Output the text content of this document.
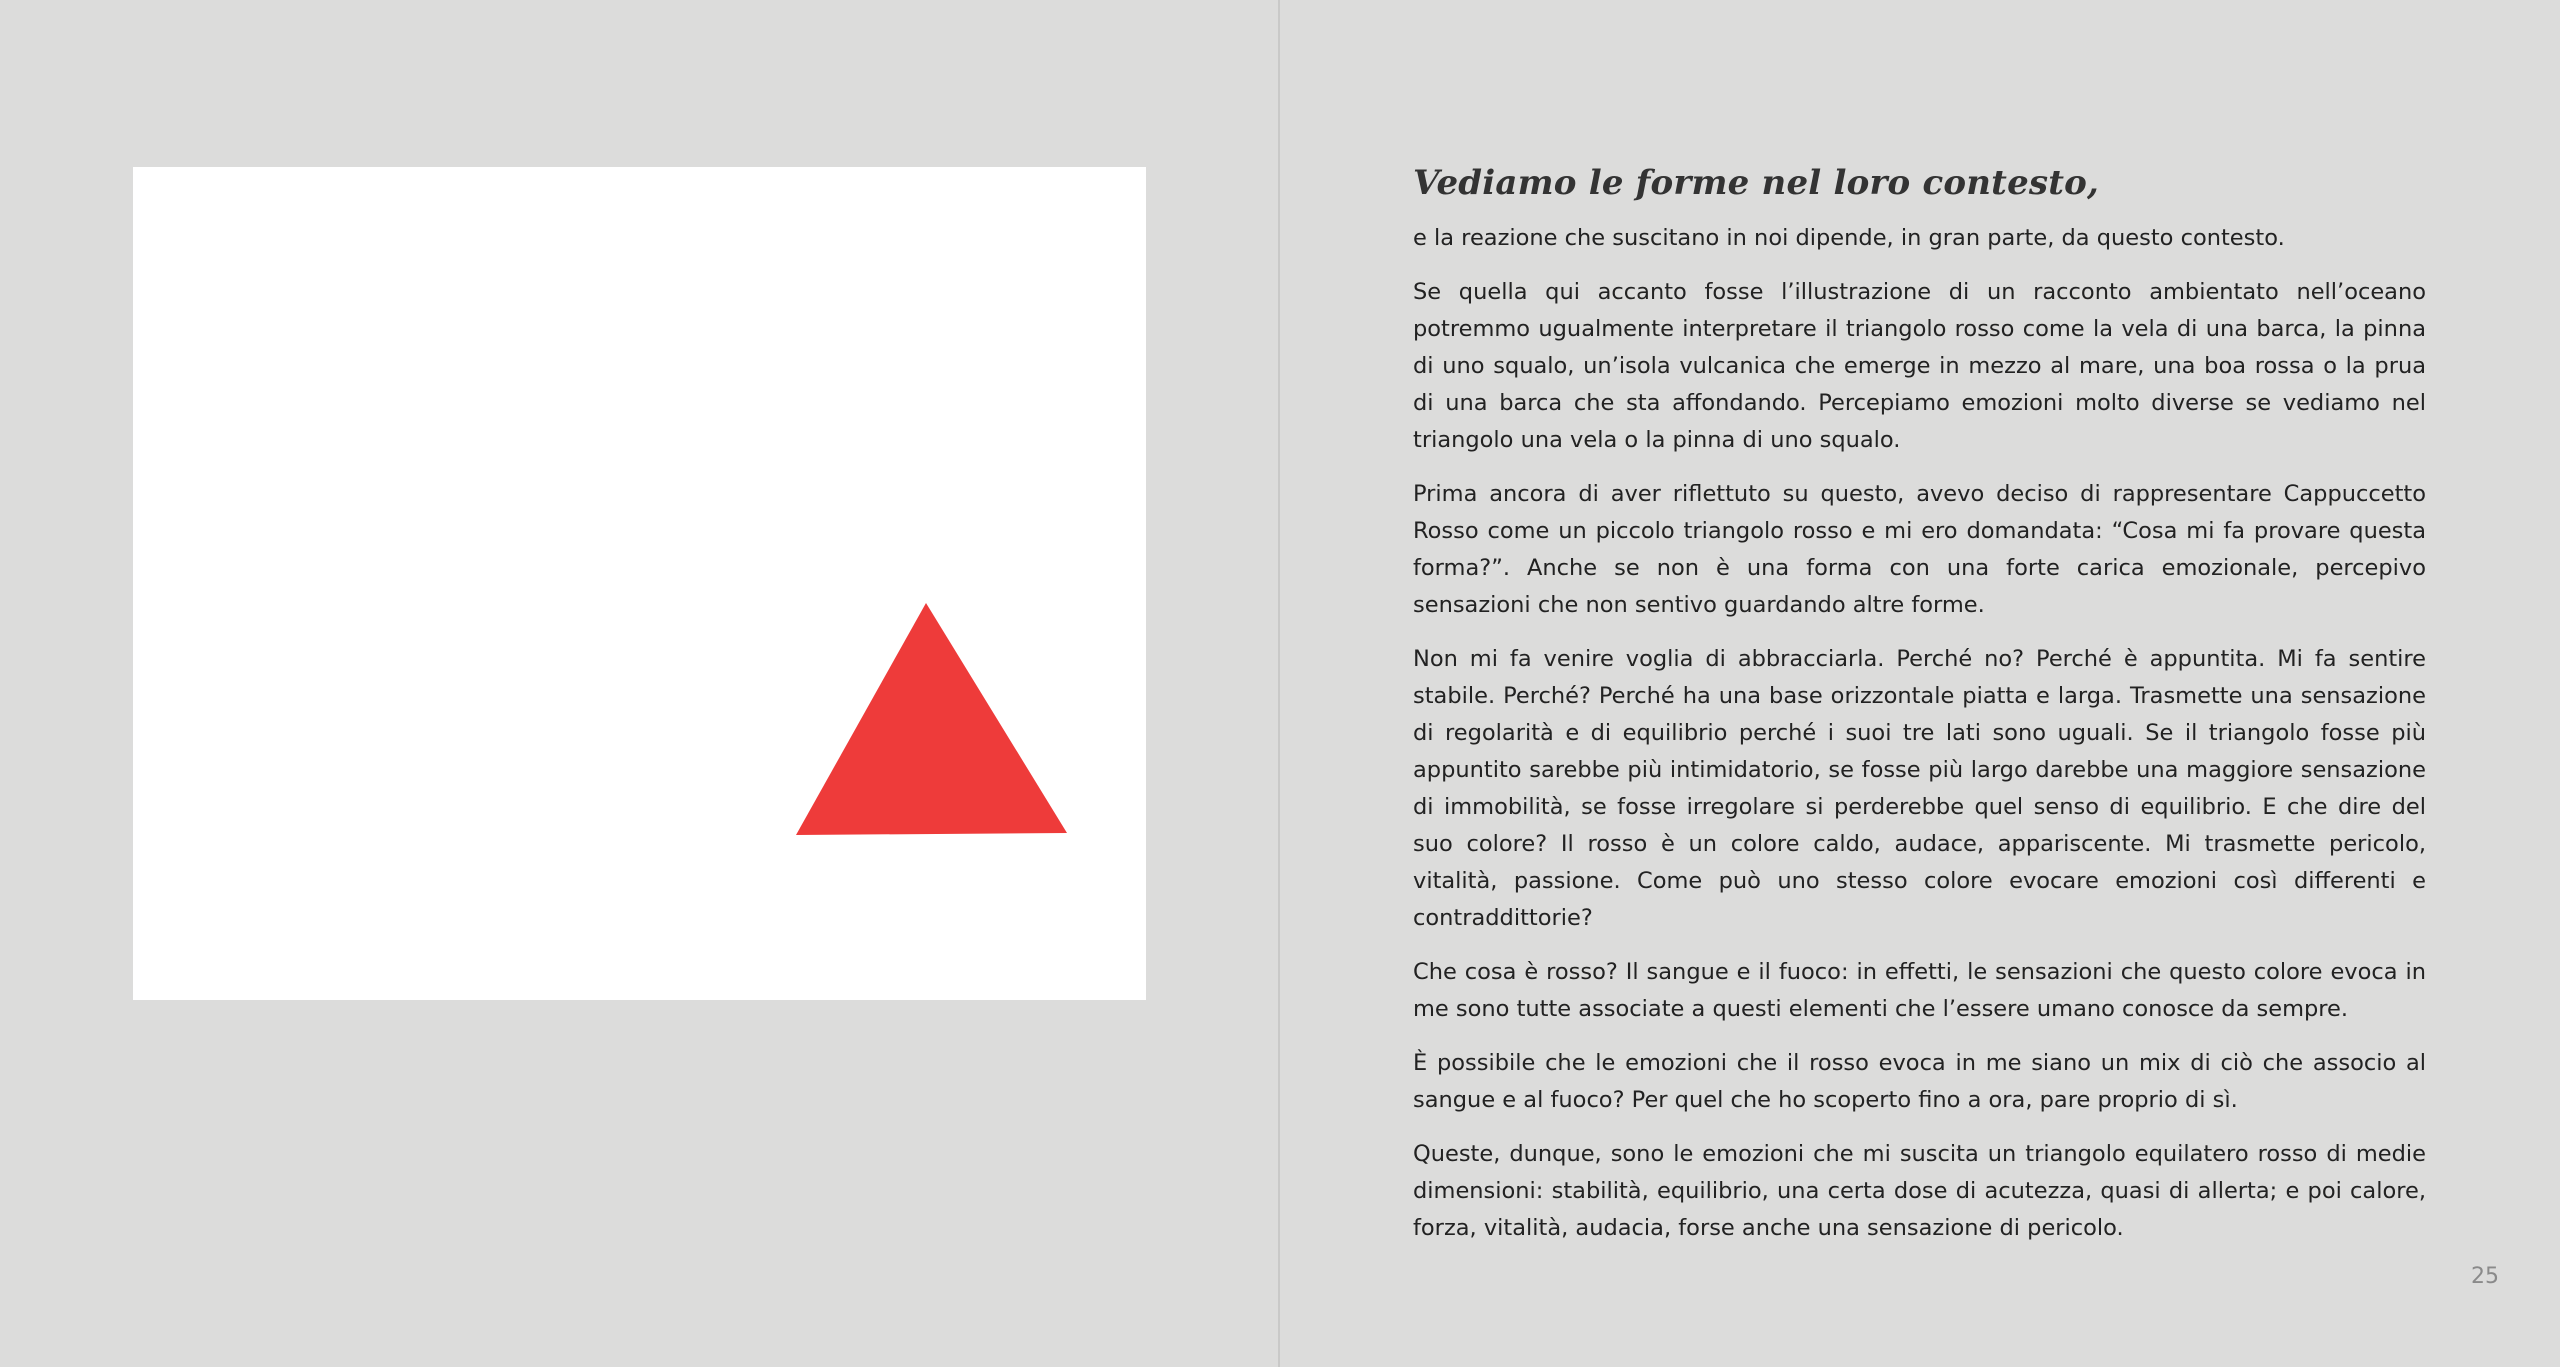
25
Vediamo le forme nel loro contesto,

e la reazione che suscitano in noi dipende, in gran parte, da questo contesto.

Se quella qui accanto fosse l’illustrazione di un racconto ambientato nell’oceano potremmo ugualmente interpretare il triangolo rosso come la vela di una barca, la pinna di uno squalo, un’isola vulcanica che emerge in mezzo al mare, una boa rossa o la prua di una barca che sta affondando. Percepiamo emozioni molto diverse se vediamo nel triangolo una vela o la pinna di uno squalo.

Prima ancora di aver riflettuto su questo, avevo deciso di rappresentare Cappuccetto Rosso come un piccolo triangolo rosso e mi ero domandata: “Cosa mi fa provare questa forma?”. Anche se non è una forma con una forte carica emozionale, percepivo sensazioni che non sentivo guardando altre forme.

Non mi fa venire voglia di abbracciarla. Perché no? Perché è appuntita. Mi fa sentire stabile. Perché? Perché ha una base orizzontale piatta e larga. Trasmette una sensazione di regolarità e di equilibrio perché i suoi tre lati sono uguali. Se il triangolo fosse più appuntito sarebbe più intimidatorio, se fosse più largo darebbe una maggiore sensazione di immobilità, se fosse irregolare si perderebbe quel senso di equilibrio. E che dire del suo colore? Il rosso è un colore caldo, audace, appariscente. Mi trasmette pericolo, vitalità, passione. Come può uno stesso colore evocare emozioni così differenti e contraddittorie?

Che cosa è rosso? Il sangue e il fuoco: in effetti, le sensazioni che questo colore evoca in me sono tutte associate a questi elementi che l’essere umano conosce da sempre.

È possibile che le emozioni che il rosso evoca in me siano un mix di ciò che associo al sangue e al fuoco? Per quel che ho scoperto fino a ora, pare proprio di sì.

Queste, dunque, sono le emozioni che mi suscita un triangolo equilatero rosso di medie dimensioni: stabilità, equilibrio, una certa dose di acutezza, quasi di allerta; e poi calore, forza, vitalità, audacia, forse anche una sensazione di pericolo.
